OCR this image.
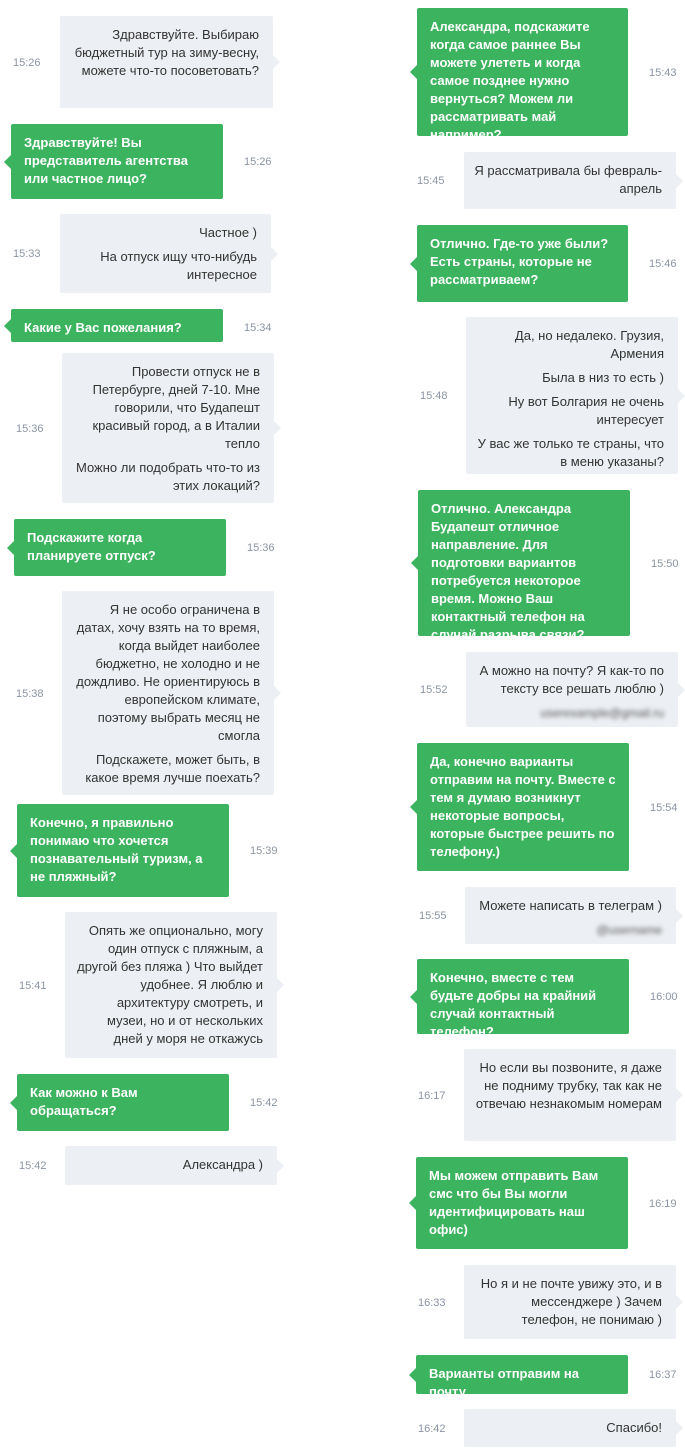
15:26

Здравствуйте. Выбираю бюджетный тур на зиму-весну, можете что-то посоветовать?

Здравствуйте! Вы представитель агентства или частное лицо?

15:26
15:33

Частное )

На отпуск ищу что-нибудь интересное

Какие у Вас пожелания?	15:34
15:36

Провести отпуск не в Петербурге, дней 7-10. Мне говорили, что Будапешт красивый город, а в Италии тепло

Можно ли подобрать что-то из этих локаций?

Подскажите когда планируете отпуск?	15:36
15:38

Я не особо ограничена в датах, хочу взять на то время, когда выйдет наиболее бюджетно, не холодно и не дождливо. Не ориентируюсь в европейском климате, поэтому выбрать месяц не смогла

Подскажете, может быть, в какое время лучше поехать?

Конечно, я правильно понимаю что хочется познавательный туризм, а не пляжный?

15:39
15:41

Опять же опционально, могу один отпуск с пляжным, а другой без пляжа ) Что выйдет удобнее. Я люблю и архитектуру смотреть, и музеи, но и от нескольких дней у моря не откажусь

Как можно к Вам обращаться?	15:42
15:42	Александра )

Александра, подскажите когда самое раннее Вы можете улететь и когда самое позднее нужно вернуться? Можем ли рассматривать май например?

15:43
15:45

Я рассматривала бы февраль-апрель

Отлично. Где-то уже были? Есть страны, которые не рассматриваем?

15:46
15:48

Да, но недалеко. Грузия, Армения

Была в низ то есть )

Ну вот Болгария не очень интересует

У вас же только те страны, что в меню указаны?

Отлично. Александра Будапешт отличное направление. Для подготовки вариантов потребуется некоторое время. Можно Ваш контактный телефон на случай разрыва связи?

15:50
15:52

А можно на почту? Я как-то по тексту все решать люблю )

userexample@gmail.ru

Да, конечно варианты отправим на почту. Вместе с тем я думаю возникнут некоторые вопросы, которые быстрее решить по телефону.)

15:54
15:55

Можете написать в телеграм )

@username

Конечно, вместе с тем будьте добры на крайний случай контактный телефон?

16:00
16:17

Но если вы позвоните, я даже не подниму трубку, так как не отвечаю незнакомым номерам

Мы можем отправить Вам смс что бы Вы могли идентифицировать наш офис)

16:19
16:33

Но я и не почте увижу это, и в мессенджере ) Зачем телефон, не понимаю )

Варианты отправим на почту.

16:37
16:42	Спасибо!
